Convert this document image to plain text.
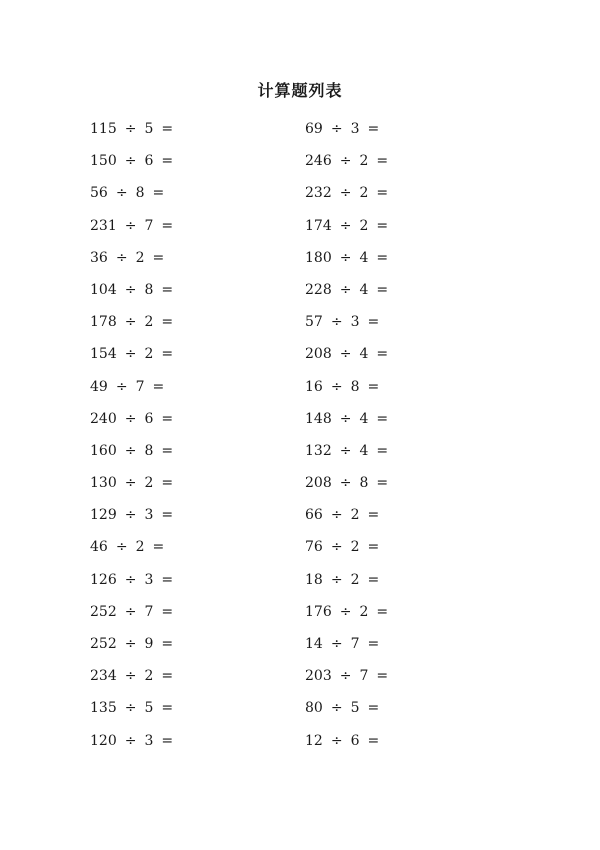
计算题列表
115 ÷ 5 =
150 ÷ 6 =
56 ÷ 8 =
231 ÷ 7 =
36 ÷ 2 =
104 ÷ 8 =
178 ÷ 2 =
154 ÷ 2 =
49 ÷ 7 =
240 ÷ 6 =
160 ÷ 8 =
130 ÷ 2 =
129 ÷ 3 =
46 ÷ 2 =
126 ÷ 3 =
252 ÷ 7 =
252 ÷ 9 =
234 ÷ 2 =
135 ÷ 5 =
120 ÷ 3 =
69 ÷ 3 =
246 ÷ 2 =
232 ÷ 2 =
174 ÷ 2 =
180 ÷ 4 =
228 ÷ 4 =
57 ÷ 3 =
208 ÷ 4 =
16 ÷ 8 =
148 ÷ 4 =
132 ÷ 4 =
208 ÷ 8 =
66 ÷ 2 =
76 ÷ 2 =
18 ÷ 2 =
176 ÷ 2 =
14 ÷ 7 =
203 ÷ 7 =
80 ÷ 5 =
12 ÷ 6 =
